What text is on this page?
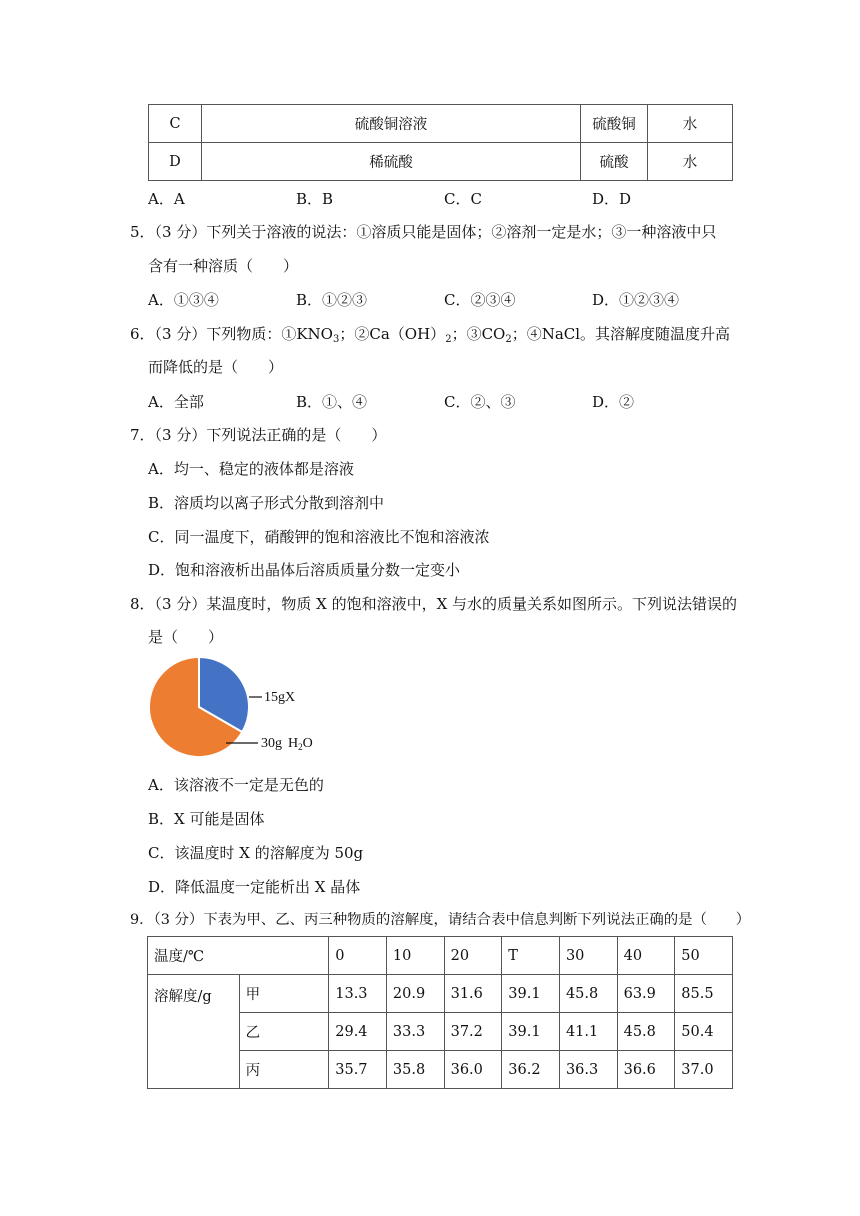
C	硫酸铜溶液	硫酸铜	水
D	稀硫酸	硫酸	水
A．A	B．B	C．C	D．D
5．（3 分）下列关于溶液的说法：①溶质只能是固体；②溶剂一定是水；③一种溶液中只
含有一种溶质（　　）
A．①③④	B．①②③	C．②③④	D．①②③④
6．（3 分）下列物质：$①KNO_3$；$②Ca(OH)_2$；$③CO_2$；④NaCl。其溶解度随温度升高
而降低的是（　　）
A．全部	B．①、④	C．②、③	D．②
7．（3 分）下列说法正确的是（　　）
A．均一、稳定的液体都是溶液
B．溶质均以离子形式分散到溶剂中
C．同一温度下，硝酸钾的饱和溶液比不饱和溶液浓
D．饱和溶液析出晶体后溶质质量分数一定变小
8．（3 分）某温度时，物质 X 的饱和溶液中，X 与水的质量关系如图所示。下列说法错误的
是（　　）
15gX
30g $H_2O$
A．该溶液不一定是无色的
B．X 可能是固体
C．该温度时 X 的溶解度为 50g
D．降低温度一定能析出 X 晶体
9．（3 分）下表为甲、乙、丙三种物质的溶解度，请结合表中信息判断下列说法正确的是（　　）
温度/℃		0	10	20	T	30	40	50
溶解度/g	甲	13.3	20.9	31.6	39.1	45.8	63.9	85.5
	乙	29.4	33.3	37.2	39.1	41.1	45.8	50.4
	丙	35.7	35.8	36.0	36.2	36.3	36.6	37.0
